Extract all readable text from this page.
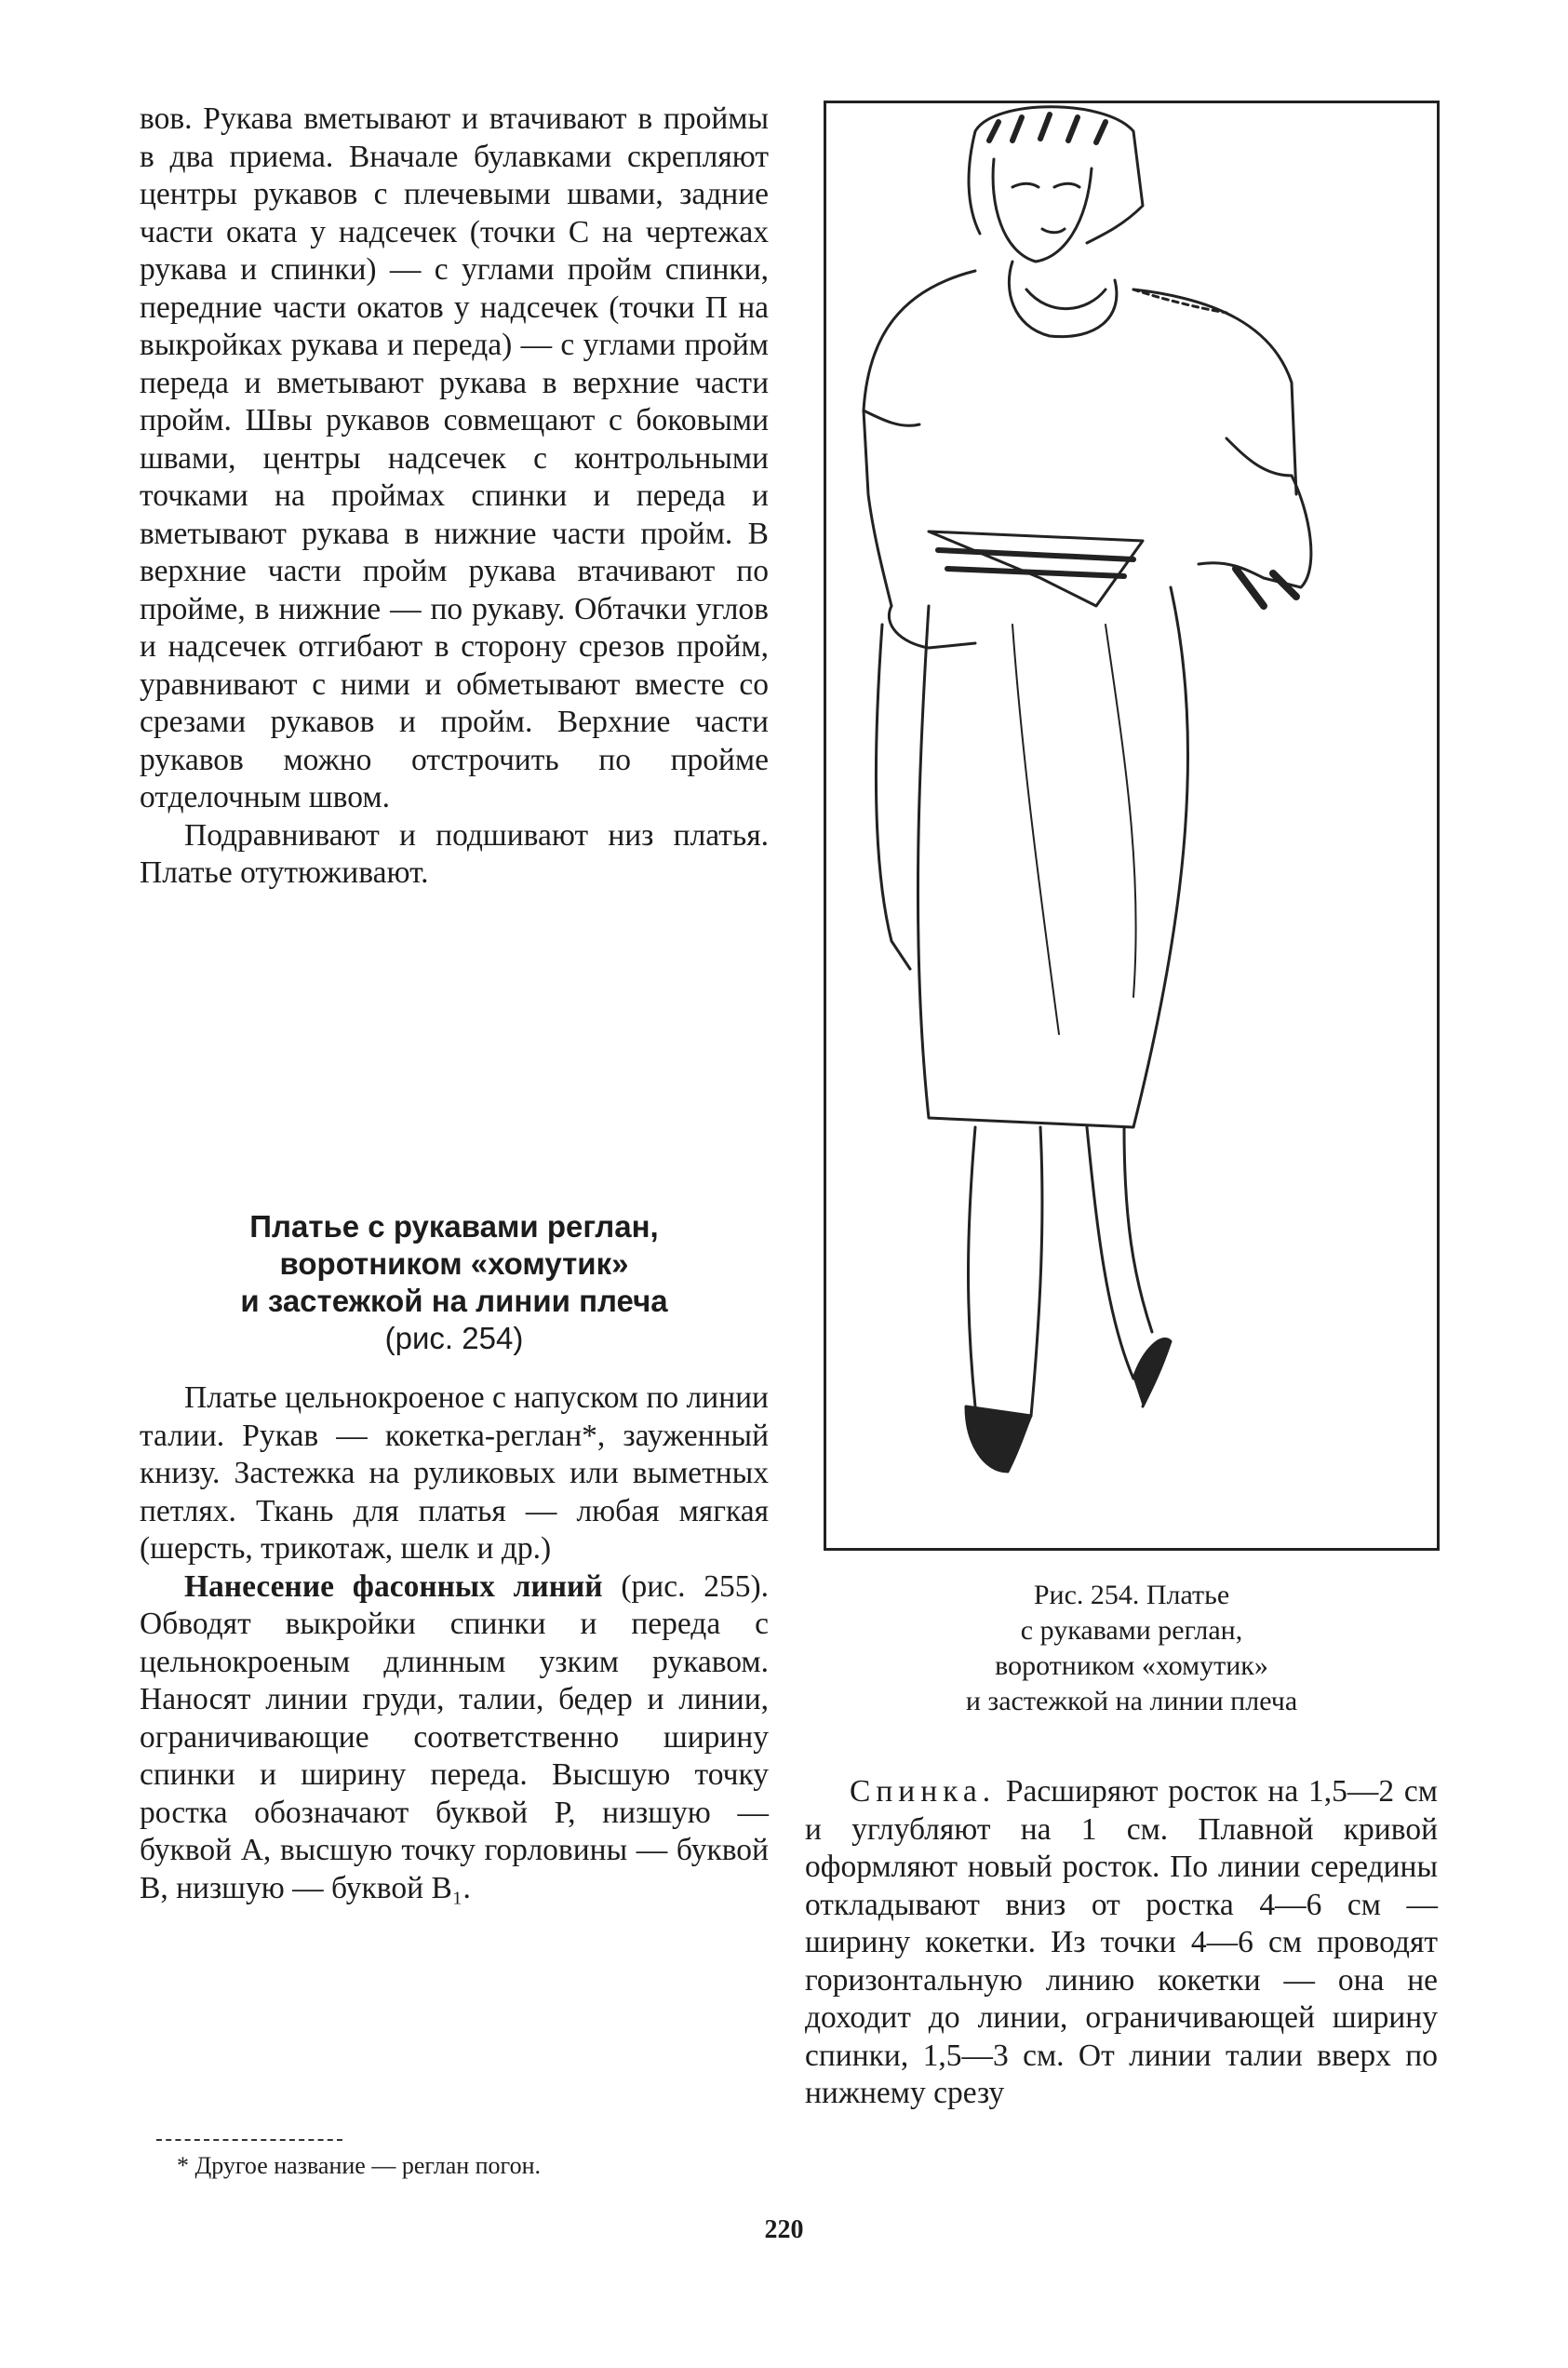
вов. Рукава вметывают и втачивают в проймы в два приема. Вначале булавками скрепляют центры рукавов с плечевыми швами, задние части оката у надсечек (точки С на чертежах рукава и спинки) — с углами пройм спинки, передние части окатов у надсечек (точки П на выкройках рукава и переда) — с углами пройм переда и вметывают рукава в верхние части пройм. Швы рукавов совмещают с боковыми швами, центры надсечек с контрольными точками на проймах спинки и переда и вметывают рукава в нижние части пройм. В верхние части пройм рукава втачивают по пройме, в нижние — по рукаву. Обтачки углов и надсечек отгибают в сторону срезов пройм, уравнивают с ними и обметывают вместе со срезами рукавов и пройм. Верхние части рукавов можно отстрочить по пройме отделочным швом.

Подравнивают и подшивают низ платья. Платье отутюживают.

Платье с рукавами реглан,
воротником «хомутик»
и застежкой на линии плеча
(рис. 254)

Платье цельнокроеное с напуском по линии талии. Рукав — кокетка-реглан*, зауженный книзу. Застежка на руликовых или выметных петлях. Ткань для платья — любая мягкая (шерсть, трикотаж, шелк и др.)

Нанесение фасонных линий (рис. 255). Обводят выкройки спинки и переда с цельнокроеным длинным узким рукавом. Наносят линии груди, талии, бедер и линии, ограничивающие соответственно ширину спинки и ширину переда. Высшую точку ростка обозначают буквой Р, низшую — буквой А, высшую точку горловины — буквой В, низшую — буквой В₁.

* Другое название — реглан погон.
Рис. 254. Платье
с рукавами реглан,
воротником «хомутик»
и застежкой на линии плеча

Спинка. Расширяют росток на 1,5—2 см и углубляют на 1 см. Плавной кривой оформляют новый росток. По линии середины откладывают вниз от ростка 4—6 см — ширину кокетки. Из точки 4—6 см проводят горизонтальную линию кокетки — она не доходит до линии, ограничивающей ширину спинки, 1,5—3 см. От линии талии вверх по нижнему срезу

220
